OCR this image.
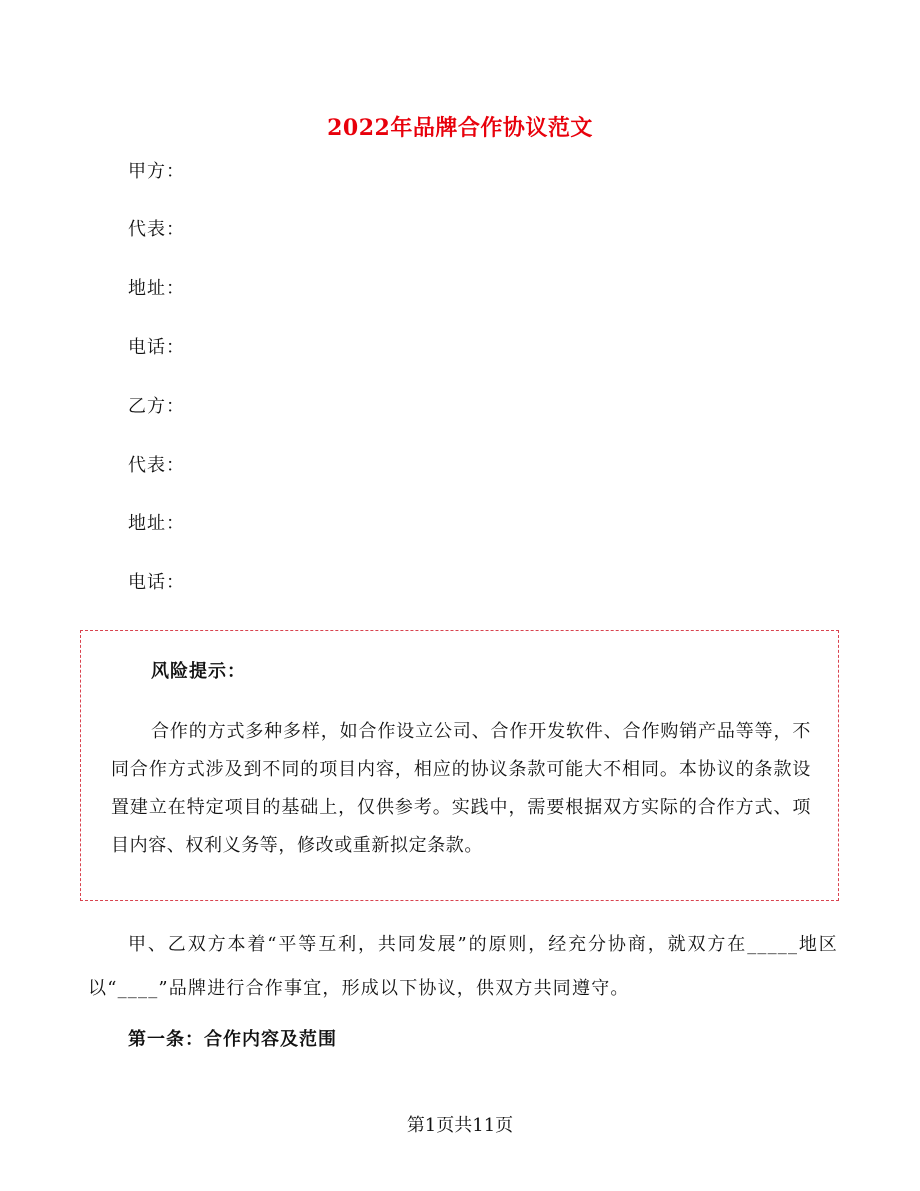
2022年品牌合作协议范文
甲方：
代表：
地址：
电话：
乙方：
代表：
地址：
电话：
风险提示：
合作的方式多种多样，如合作设立公司、合作开发软件、合作购销产品等等，不同合作方式涉及到不同的项目内容，相应的协议条款可能大不相同。本协议的条款设置建立在特定项目的基础上，仅供参考。实践中，需要根据双方实际的合作方式、项目内容、权利义务等，修改或重新拟定条款。
甲、乙双方本着“平等互利，共同发展”的原则，经充分协商，就双方在_____地区以“____”品牌进行合作事宜，形成以下协议，供双方共同遵守。
第一条：合作内容及范围
第1页共11页
